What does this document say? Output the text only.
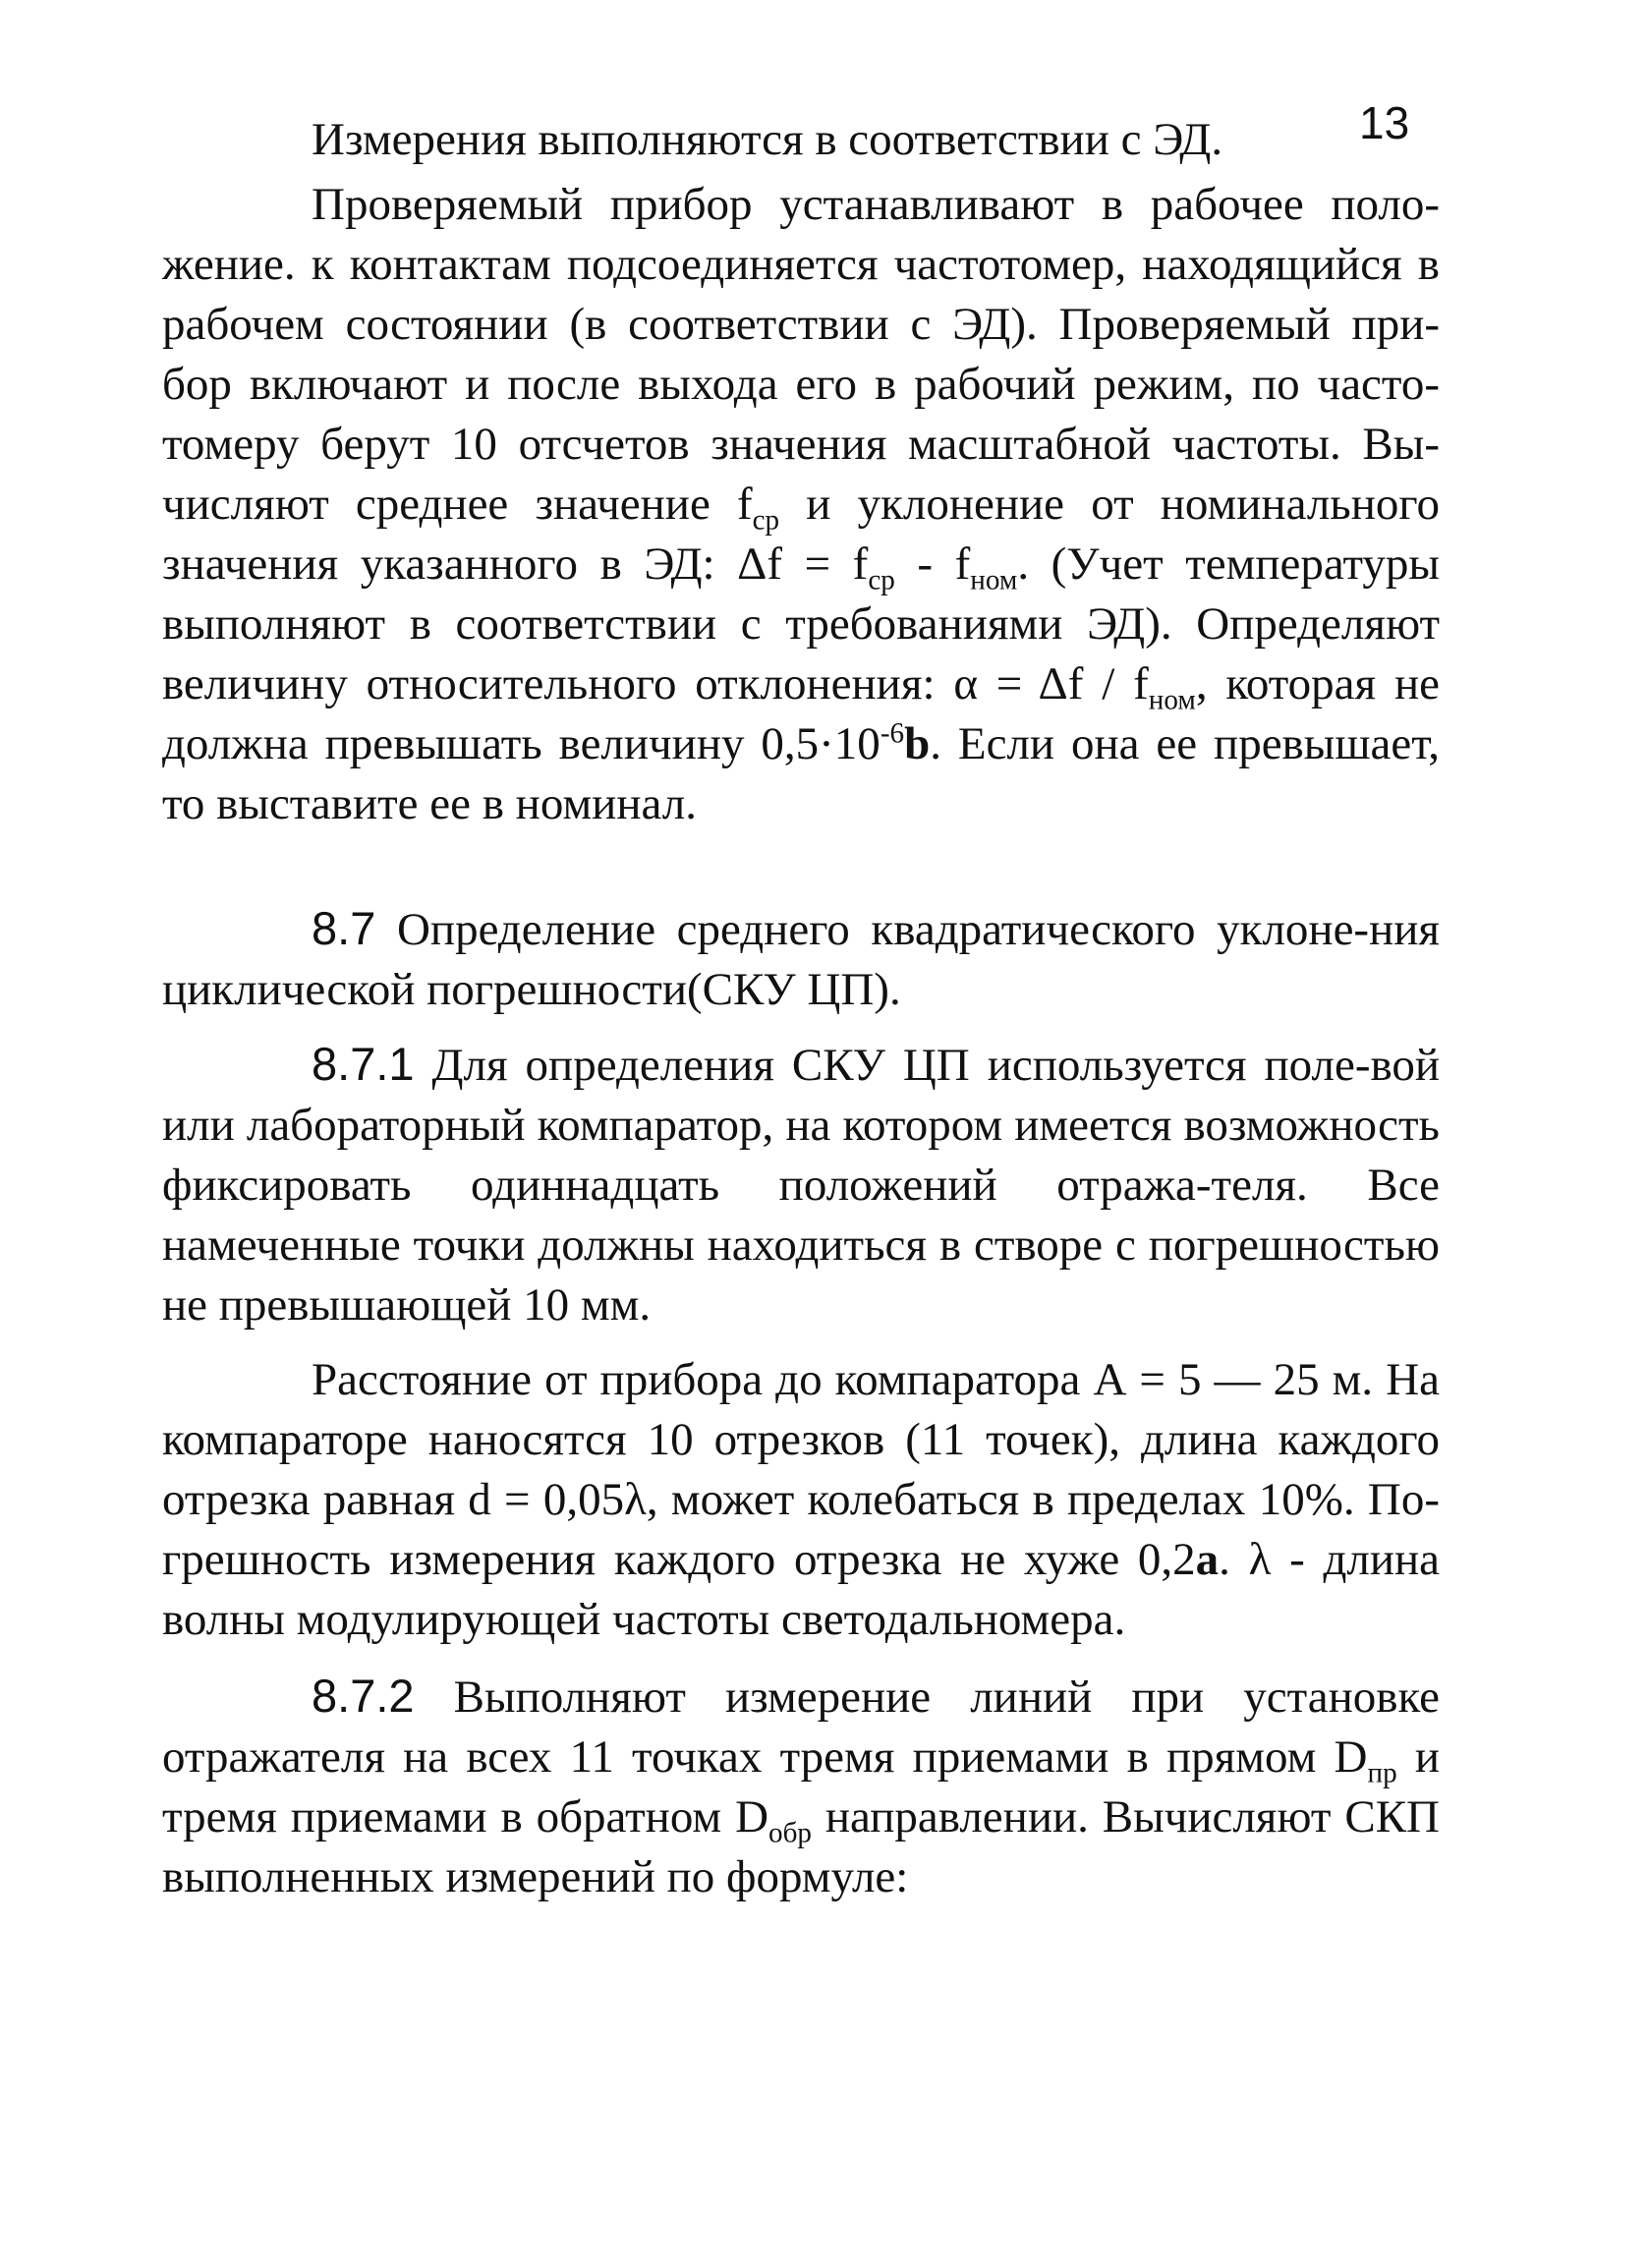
13

Измерения выполняются в соответствии с ЭД.

Проверяемый прибор устанавливают в рабочее поло-жение. к контактам подсоединяется частотомер, находящийся в рабочем состоянии (в соответствии с ЭД). Проверяемый при-бор включают и после выхода его в рабочий режим, по часто-томеру берут 10 отсчетов значения масштабной частоты. Вы-числяют среднее значение $f_{ср}$ и уклонение от номинального значения указанного в ЭД: $\Delta f = f_{ср} - f_{ном}$. (Учет температуры выполняют в соответствии с требованиями ЭД). Определяют величину относительного отклонения: $\alpha = \Delta f / f_{ном}$, которая не должна превышать величину $0,5\cdot 10^{-6}b$. Если она ее превышает, то выставите ее в номинал.

8.7 Определение среднего квадратического уклоне-ния циклической погрешности(СКУ ЦП).

8.7.1 Для определения СКУ ЦП используется поле-вой или лабораторный компаратор, на котором имеется возможность фиксировать одиннадцать положений отража-теля. Все намеченные точки должны находиться в створе с погрешностью не превышающей 10 мм.

Расстояние от прибора до компаратора А = 5 — 25 м. На компараторе наносятся 10 отрезков (11 точек), длина каждого отрезка равная d = 0,05λ, может колебаться в пределах 10%. По-грешность измерения каждого отрезка не хуже 0,2а. λ - длина волны модулирующей частоты светодальномера.

8.7.2 Выполняют измерение линий при установке отражателя на всех 11 точках тремя приемами в прямом $D_{пр}$ и тремя приемами в обратном $D_{обр}$ направлении. Вычисляют СКП выполненных измерений по формуле:
